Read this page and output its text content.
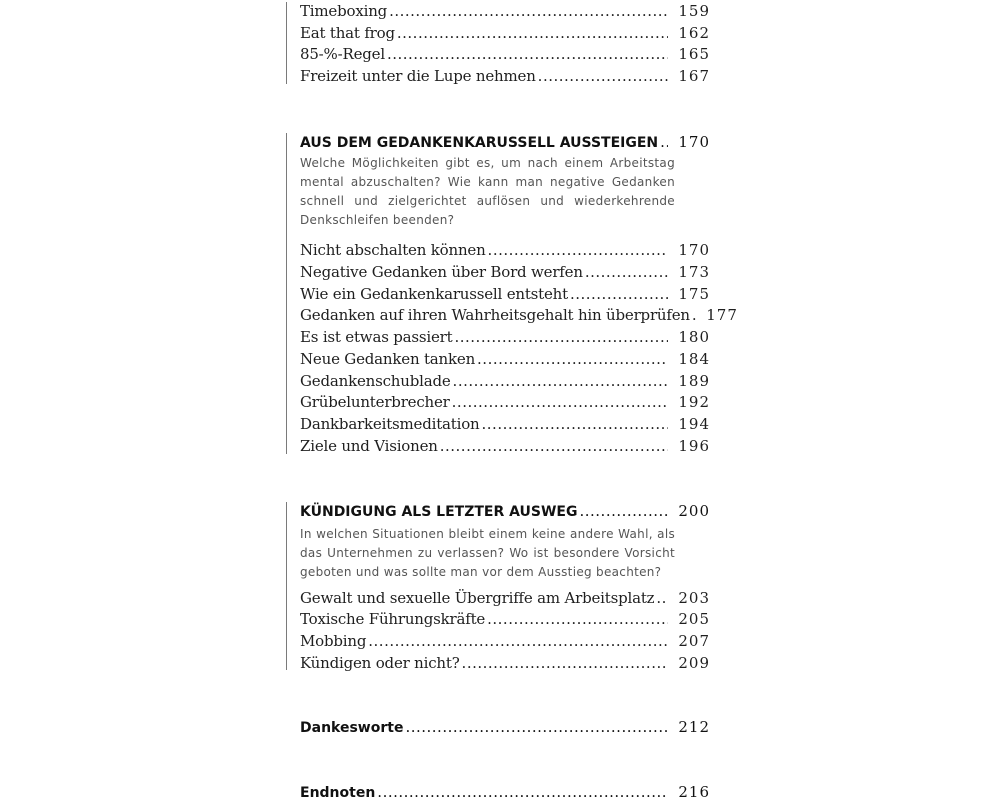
Timeboxing .....	159
Eat that frog .....	162
85-%-Regel .....	165
Freizeit unter die Lupe nehmen .....	167
AUS DEM GEDANKENKARUSSELL AUSSTEIGEN ..... 170
Welche Möglichkeiten gibt es, um nach einem Arbeitstag mental abzuschalten? Wie kann man negative Gedanken schnell und zielgerichtet auflösen und wiederkehrende Denkschleifen beenden?
Nicht abschalten können .....	170
Negative Gedanken über Bord werfen .....	173
Wie ein Gedankenkarussell entsteht .....	175
Gedanken auf ihren Wahrheitsgehalt hin überprüfen ..... 177
Es ist etwas passiert .....	180
Neue Gedanken tanken .....	184
Gedankenschublade .....	189
Grübelunterbrecher .....	192
Dankbarkeitsmeditation .....	194
Ziele und Visionen .....	196
KÜNDIGUNG ALS LETZTER AUSWEG .....	200
In welchen Situationen bleibt einem keine andere Wahl, als das Unternehmen zu verlassen? Wo ist besondere Vorsicht geboten und was sollte man vor dem Ausstieg beachten?
Gewalt und sexuelle Übergriffe am Arbeitsplatz ..... 203
Toxische Führungskräfte .....	205
Mobbing .....	207
Kündigen oder nicht? .....	209
Dankesworte .....	212
Endnoten .....	216
